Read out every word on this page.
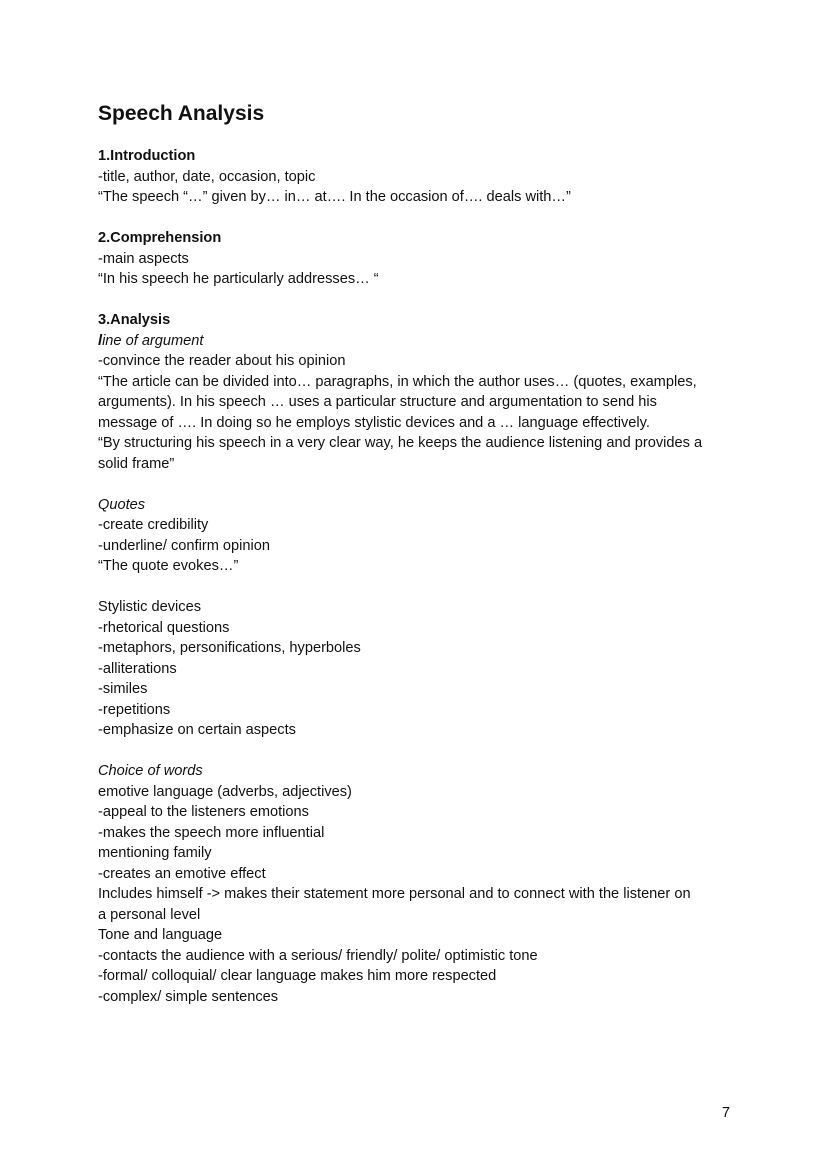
Speech Analysis
1.Introduction
-title, author, date, occasion, topic
“The speech “…” given by… in… at…. In the occasion of…. deals with…”
2.Comprehension
-main aspects
“In his speech he particularly addresses… “
3.Analysis
line of argument
-convince the reader about his opinion
“The article can be divided into… paragraphs, in which the author uses… (quotes, examples,
arguments). In his speech … uses a particular structure and argumentation to send his
message of …. In doing so he employs stylistic devices and a … language effectively.
“By structuring his speech in a very clear way, he keeps the audience listening and provides a
solid frame”
Quotes
-create credibility
-underline/ confirm opinion
“The quote evokes…”
Stylistic devices
-rhetorical questions
-metaphors, personifications, hyperboles
-alliterations
-similes
-repetitions
-emphasize on certain aspects
Choice of words
emotive language (adverbs, adjectives)
-appeal to the listeners emotions
-makes the speech more influential
mentioning family
-creates an emotive effect
Includes himself -> makes their statement more personal and to connect with the listener on
a personal level
Tone and language
-contacts the audience with a serious/ friendly/ polite/ optimistic tone
-formal/ colloquial/ clear language makes him more respected
-complex/ simple sentences
7
